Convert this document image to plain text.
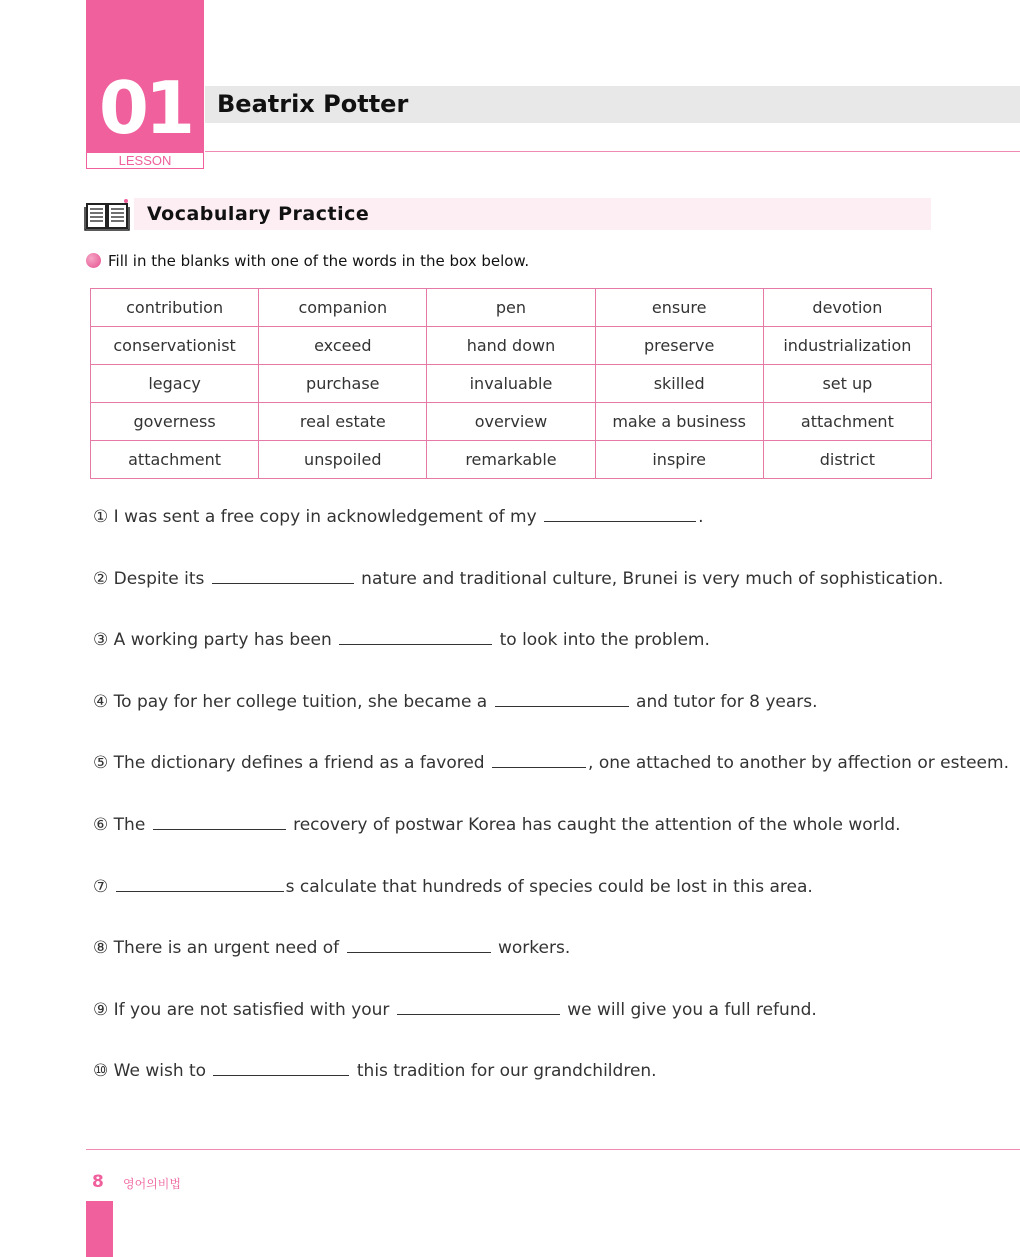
01
LESSON
Beatrix Potter
Vocabulary Practice
Fill in the blanks with one of the words in the box below.
contribution	companion	pen	ensure	devotion
conservationist	exceed	hand down	preserve	industrialization
legacy	purchase	invaluable	skilled	set up
governess	real estate	overview	make a business	attachment
attachment	unspoiled	remarkable	inspire	district
① I was sent a free copy in acknowledgement of my	.
② Despite its	nature and traditional culture, Brunei is very much of sophistication.
③ A working party has been	to look into the problem.
④ To pay for her college tuition, she became a	and tutor for 8 years.
⑤ The dictionary defines a friend as a favored	, one attached to another by affection or esteem.
⑥ The	recovery of postwar Korea has caught the attention of the whole world.
⑦	s calculate that hundreds of species could be lost in this area.
⑧ There is an urgent need of	workers.
⑨ If you are not satisfied with your	we will give you a full refund.
⑩ We wish to	this tradition for our grandchildren.
8 영어의비법
